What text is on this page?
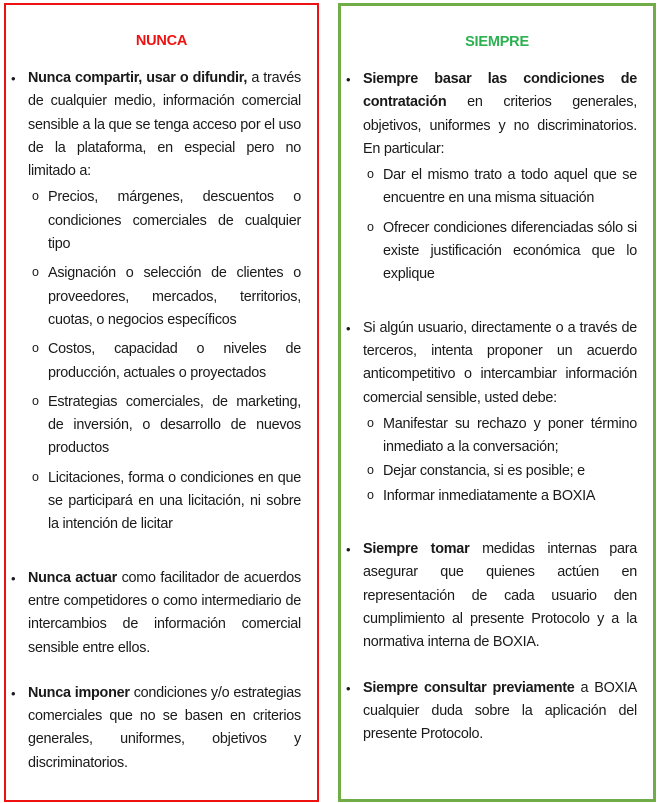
NUNCA
• Nunca compartir, usar o difundir, a través de cualquier medio, información comercial sensible a la que se tenga acceso por el uso de la plataforma, en especial pero no limitado a:
o Precios, márgenes, descuentos o condiciones comerciales de cualquier tipo
o Asignación o selección de clientes o proveedores, mercados, territorios, cuotas, o negocios específicos
o Costos, capacidad o niveles de producción, actuales o proyectados
o Estrategias comerciales, de marketing, de inversión, o desarrollo de nuevos productos
o Licitaciones, forma o condiciones en que se participará en una licitación, ni sobre la intención de licitar
• Nunca actuar como facilitador de acuerdos entre competidores o como intermediario de intercambios de información comercial sensible entre ellos.
• Nunca imponer condiciones y/o estrategias comerciales que no se basen en criterios generales, uniformes, objetivos y discriminatorios.
SIEMPRE
• Siempre basar las condiciones de contratación en criterios generales, objetivos, uniformes y no discriminatorios. En particular:
o Dar el mismo trato a todo aquel que se encuentre en una misma situación
o Ofrecer condiciones diferenciadas sólo si existe justificación económica que lo explique
• Si algún usuario, directamente o a través de terceros, intenta proponer un acuerdo anticompetitivo o intercambiar información comercial sensible, usted debe:
o Manifestar su rechazo y poner término inmediato a la conversación;
o Dejar constancia, si es posible; e
o Informar inmediatamente a BOXIA
• Siempre tomar medidas internas para asegurar que quienes actúen en representación de cada usuario den cumplimiento al presente Protocolo y a la normativa interna de BOXIA.
• Siempre consultar previamente a BOXIA cualquier duda sobre la aplicación del presente Protocolo.
